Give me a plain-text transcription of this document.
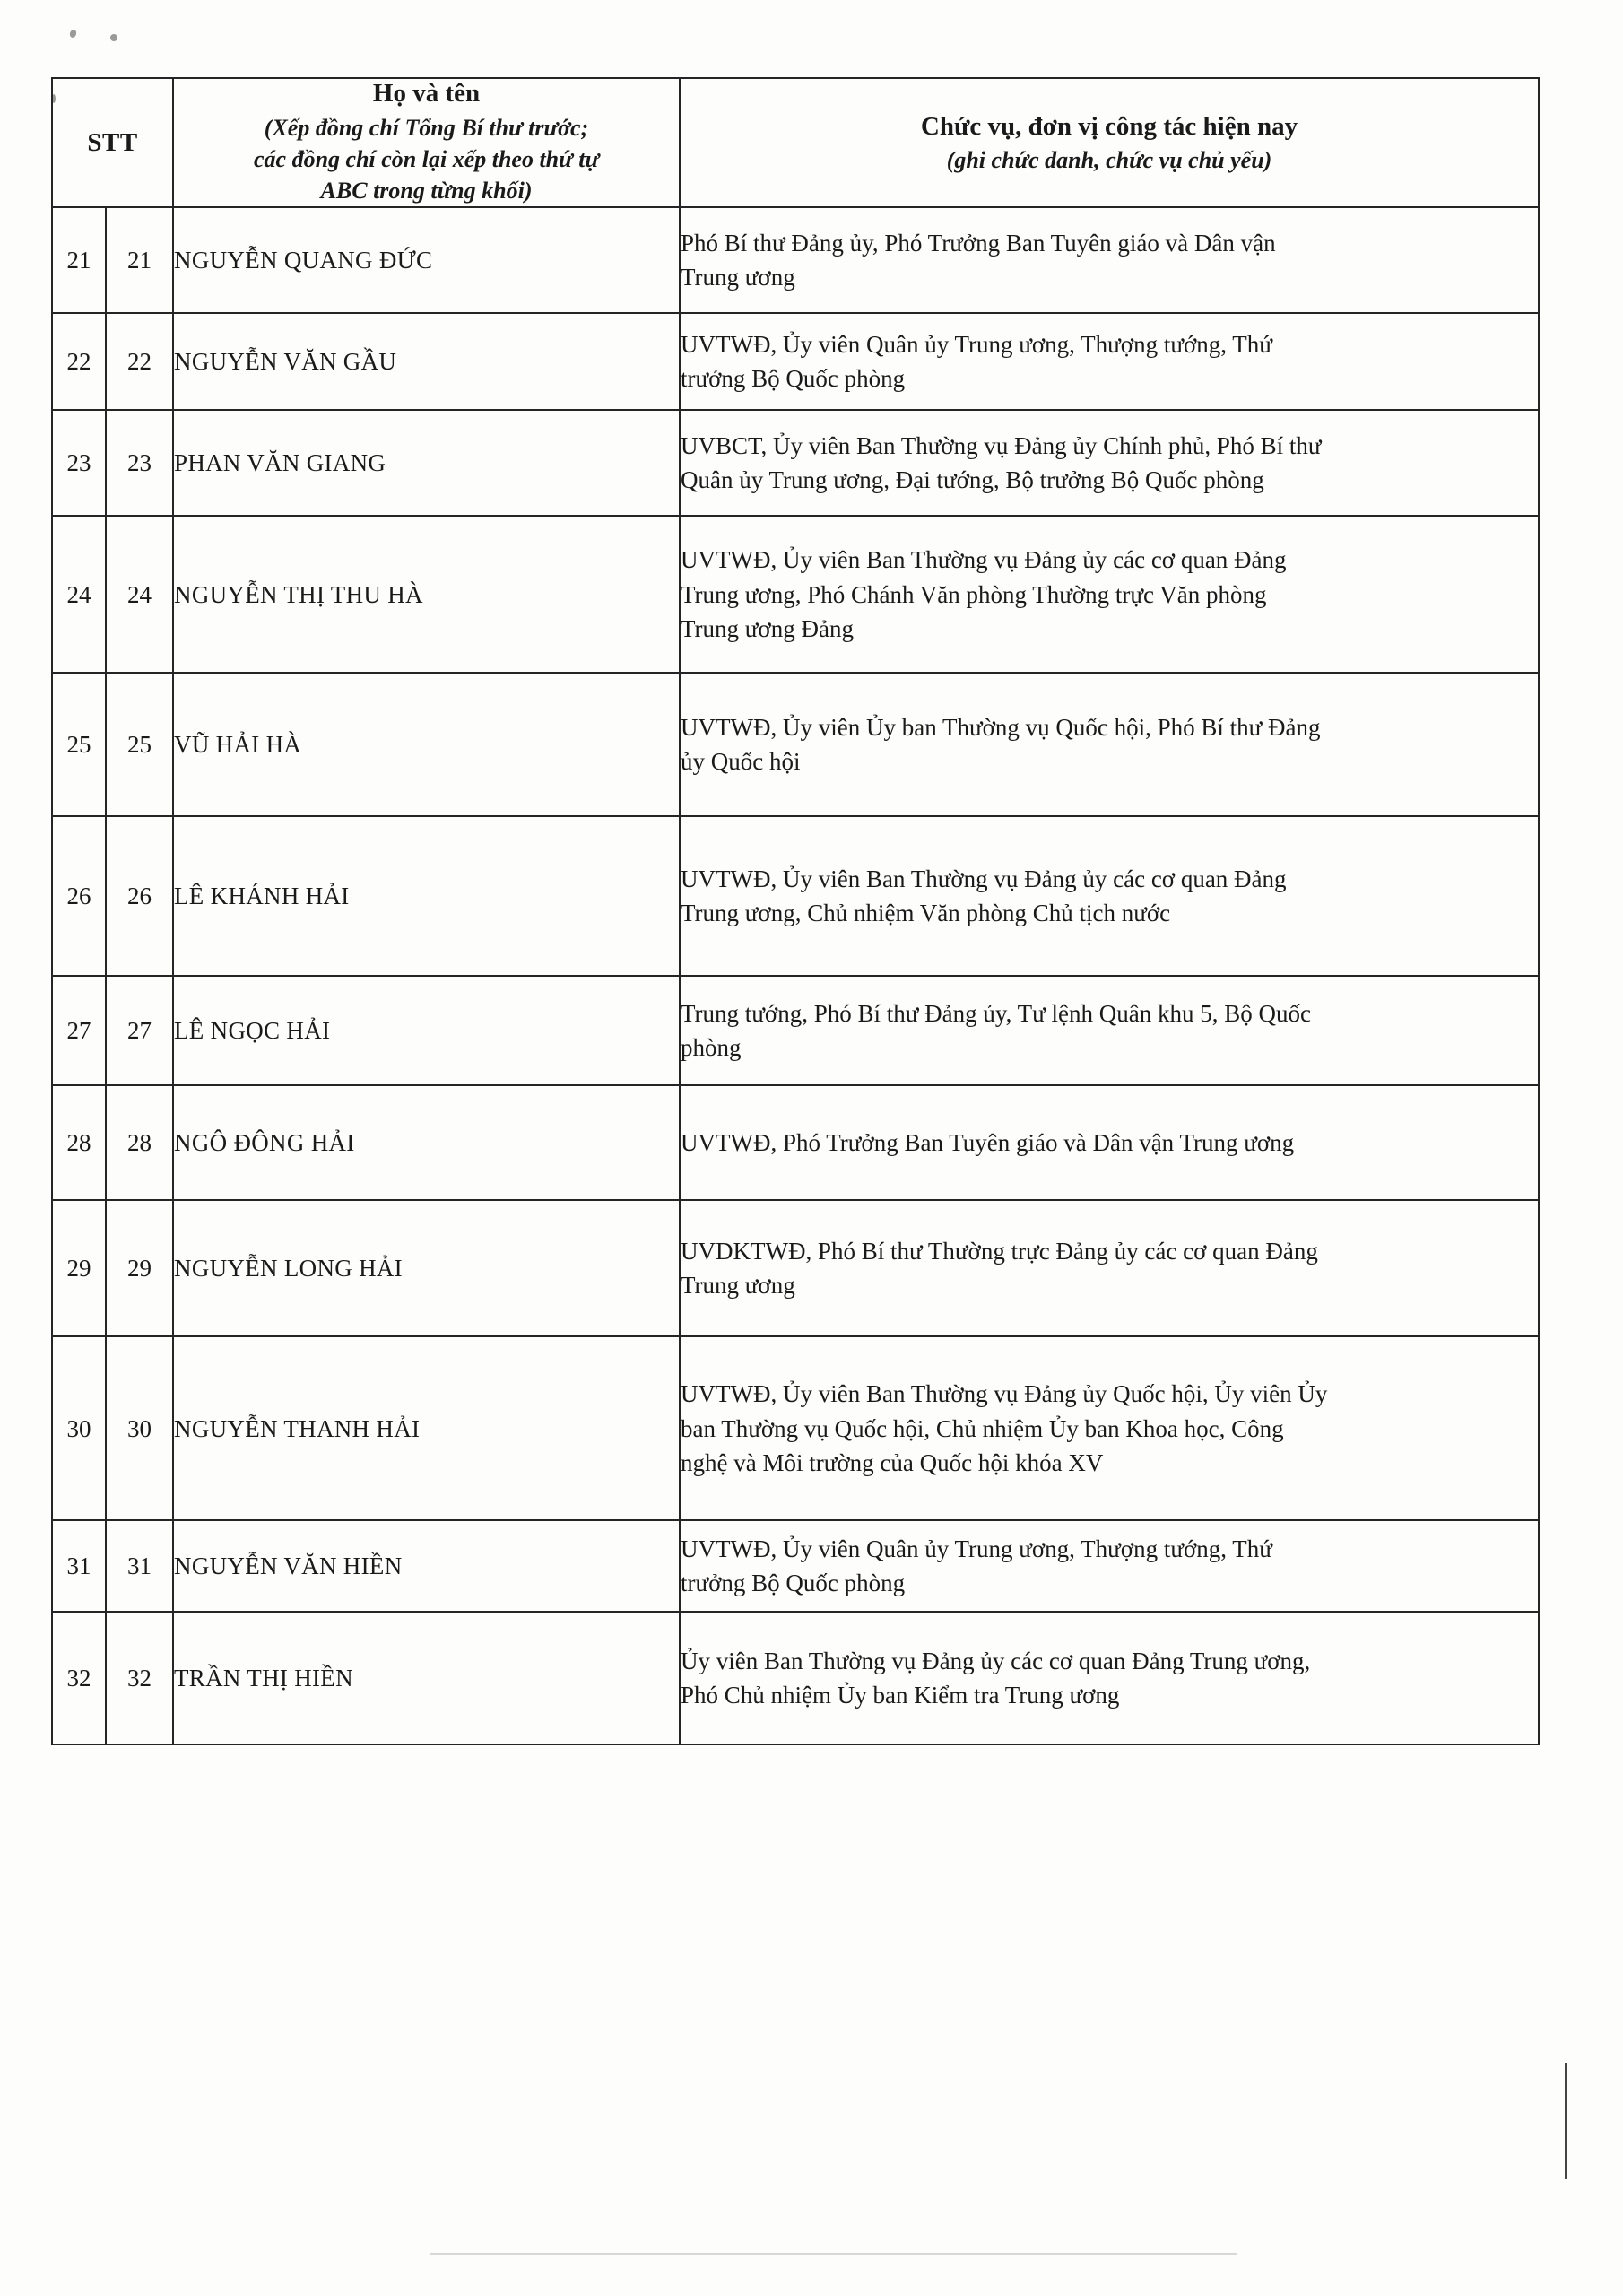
STT		Họ và tên
(Xếp đồng chí Tổng Bí thư trước;
các đồng chí còn lại xếp theo thứ tự
ABC trong từng khối)	Chức vụ, đơn vị công tác hiện nay
(ghi chức danh, chức vụ chủ yếu)

21	21	NGUYỄN QUANG ĐỨC	Phó Bí thư Đảng ủy, Phó Trưởng Ban Tuyên giáo và Dân vận
Trung ương

22	22	NGUYỄN VĂN GẦU	UVTWĐ, Ủy viên Quân ủy Trung ương, Thượng tướng, Thứ
trưởng Bộ Quốc phòng

23	23	PHAN VĂN GIANG	UVBCT, Ủy viên Ban Thường vụ Đảng ủy Chính phủ, Phó Bí thư
Quân ủy Trung ương, Đại tướng, Bộ trưởng Bộ Quốc phòng

24	24	NGUYỄN THỊ THU HÀ	UVTWĐ, Ủy viên Ban Thường vụ Đảng ủy các cơ quan Đảng
Trung ương, Phó Chánh Văn phòng Thường trực Văn phòng
Trung ương Đảng

25	25	VŨ HẢI HÀ	UVTWĐ, Ủy viên Ủy ban Thường vụ Quốc hội, Phó Bí thư Đảng
ủy Quốc hội

26	26	LÊ KHÁNH HẢI	UVTWĐ, Ủy viên Ban Thường vụ Đảng ủy các cơ quan Đảng
Trung ương, Chủ nhiệm Văn phòng Chủ tịch nước

27	27	LÊ NGỌC HẢI	Trung tướng, Phó Bí thư Đảng ủy, Tư lệnh Quân khu 5, Bộ Quốc
phòng

28	28	NGÔ ĐÔNG HẢI	UVTWĐ, Phó Trưởng Ban Tuyên giáo và Dân vận Trung ương

29	29	NGUYỄN LONG HẢI	UVDKTWĐ, Phó Bí thư Thường trực Đảng ủy các cơ quan Đảng
Trung ương

30	30	NGUYỄN THANH HẢI	UVTWĐ, Ủy viên Ban Thường vụ Đảng ủy Quốc hội, Ủy viên Ủy
ban Thường vụ Quốc hội, Chủ nhiệm Ủy ban Khoa học, Công
nghệ và Môi trường của Quốc hội khóa XV

31	31	NGUYỄN VĂN HIỀN	UVTWĐ, Ủy viên Quân ủy Trung ương, Thượng tướng, Thứ
trưởng Bộ Quốc phòng

32	32	TRẦN THỊ HIỀN	Ủy viên Ban Thường vụ Đảng ủy các cơ quan Đảng Trung ương,
Phó Chủ nhiệm Ủy ban Kiểm tra Trung ương
